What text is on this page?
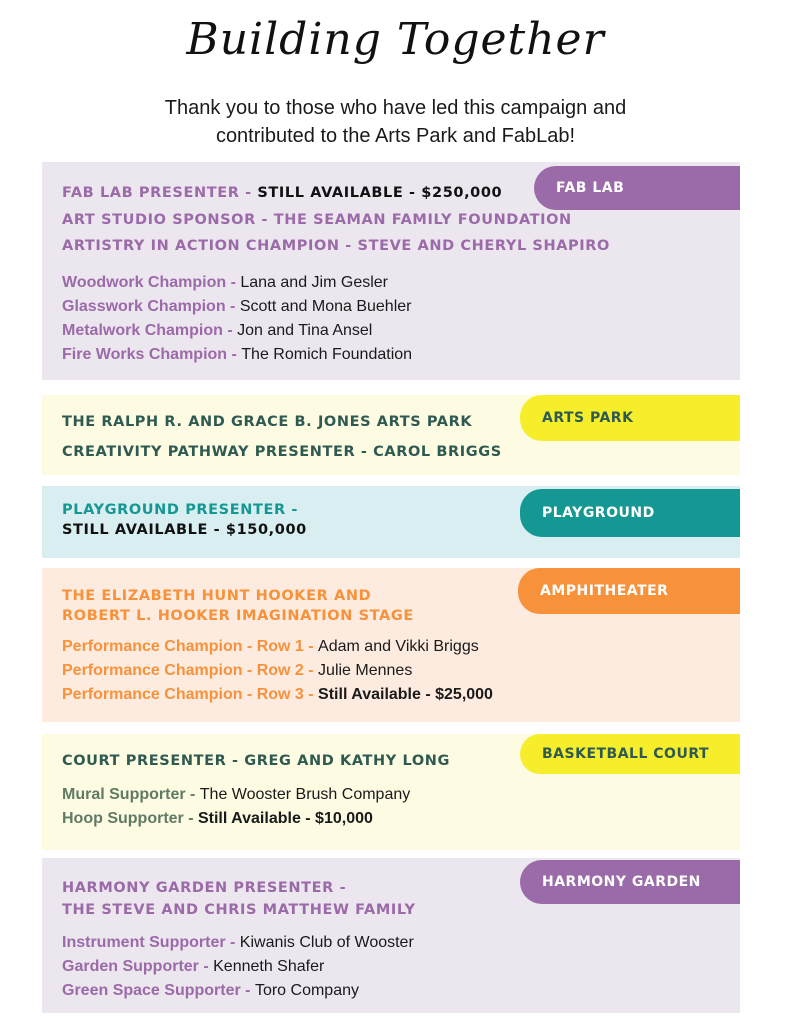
Building Together
Thank you to those who have led this campaign and
contributed to the Arts Park and FabLab!
FAB LAB
FAB LAB PRESENTER - STILL AVAILABLE - $250,000
ART STUDIO SPONSOR - THE SEAMAN FAMILY FOUNDATION
ARTISTRY IN ACTION CHAMPION - STEVE AND CHERYL SHAPIRO
Woodwork Champion - Lana and Jim Gesler
Glasswork Champion - Scott and Mona Buehler
Metalwork Champion - Jon and Tina Ansel
Fire Works Champion - The Romich Foundation
ARTS PARK
THE RALPH R. AND GRACE B. JONES ARTS PARK
CREATIVITY PATHWAY PRESENTER - CAROL BRIGGS
PLAYGROUND
PLAYGROUND PRESENTER -
STILL AVAILABLE - $150,000
AMPHITHEATER
THE ELIZABETH HUNT HOOKER AND
ROBERT L. HOOKER IMAGINATION STAGE
Performance Champion - Row 1 - Adam and Vikki Briggs
Performance Champion - Row 2 - Julie Mennes
Performance Champion - Row 3 - Still Available - $25,000
BASKETBALL COURT
COURT PRESENTER - GREG AND KATHY LONG
Mural Supporter - The Wooster Brush Company
Hoop Supporter - Still Available - $10,000
HARMONY GARDEN
HARMONY GARDEN PRESENTER -
THE STEVE AND CHRIS MATTHEW FAMILY
Instrument Supporter - Kiwanis Club of Wooster
Garden Supporter - Kenneth Shafer
Green Space Supporter - Toro Company
